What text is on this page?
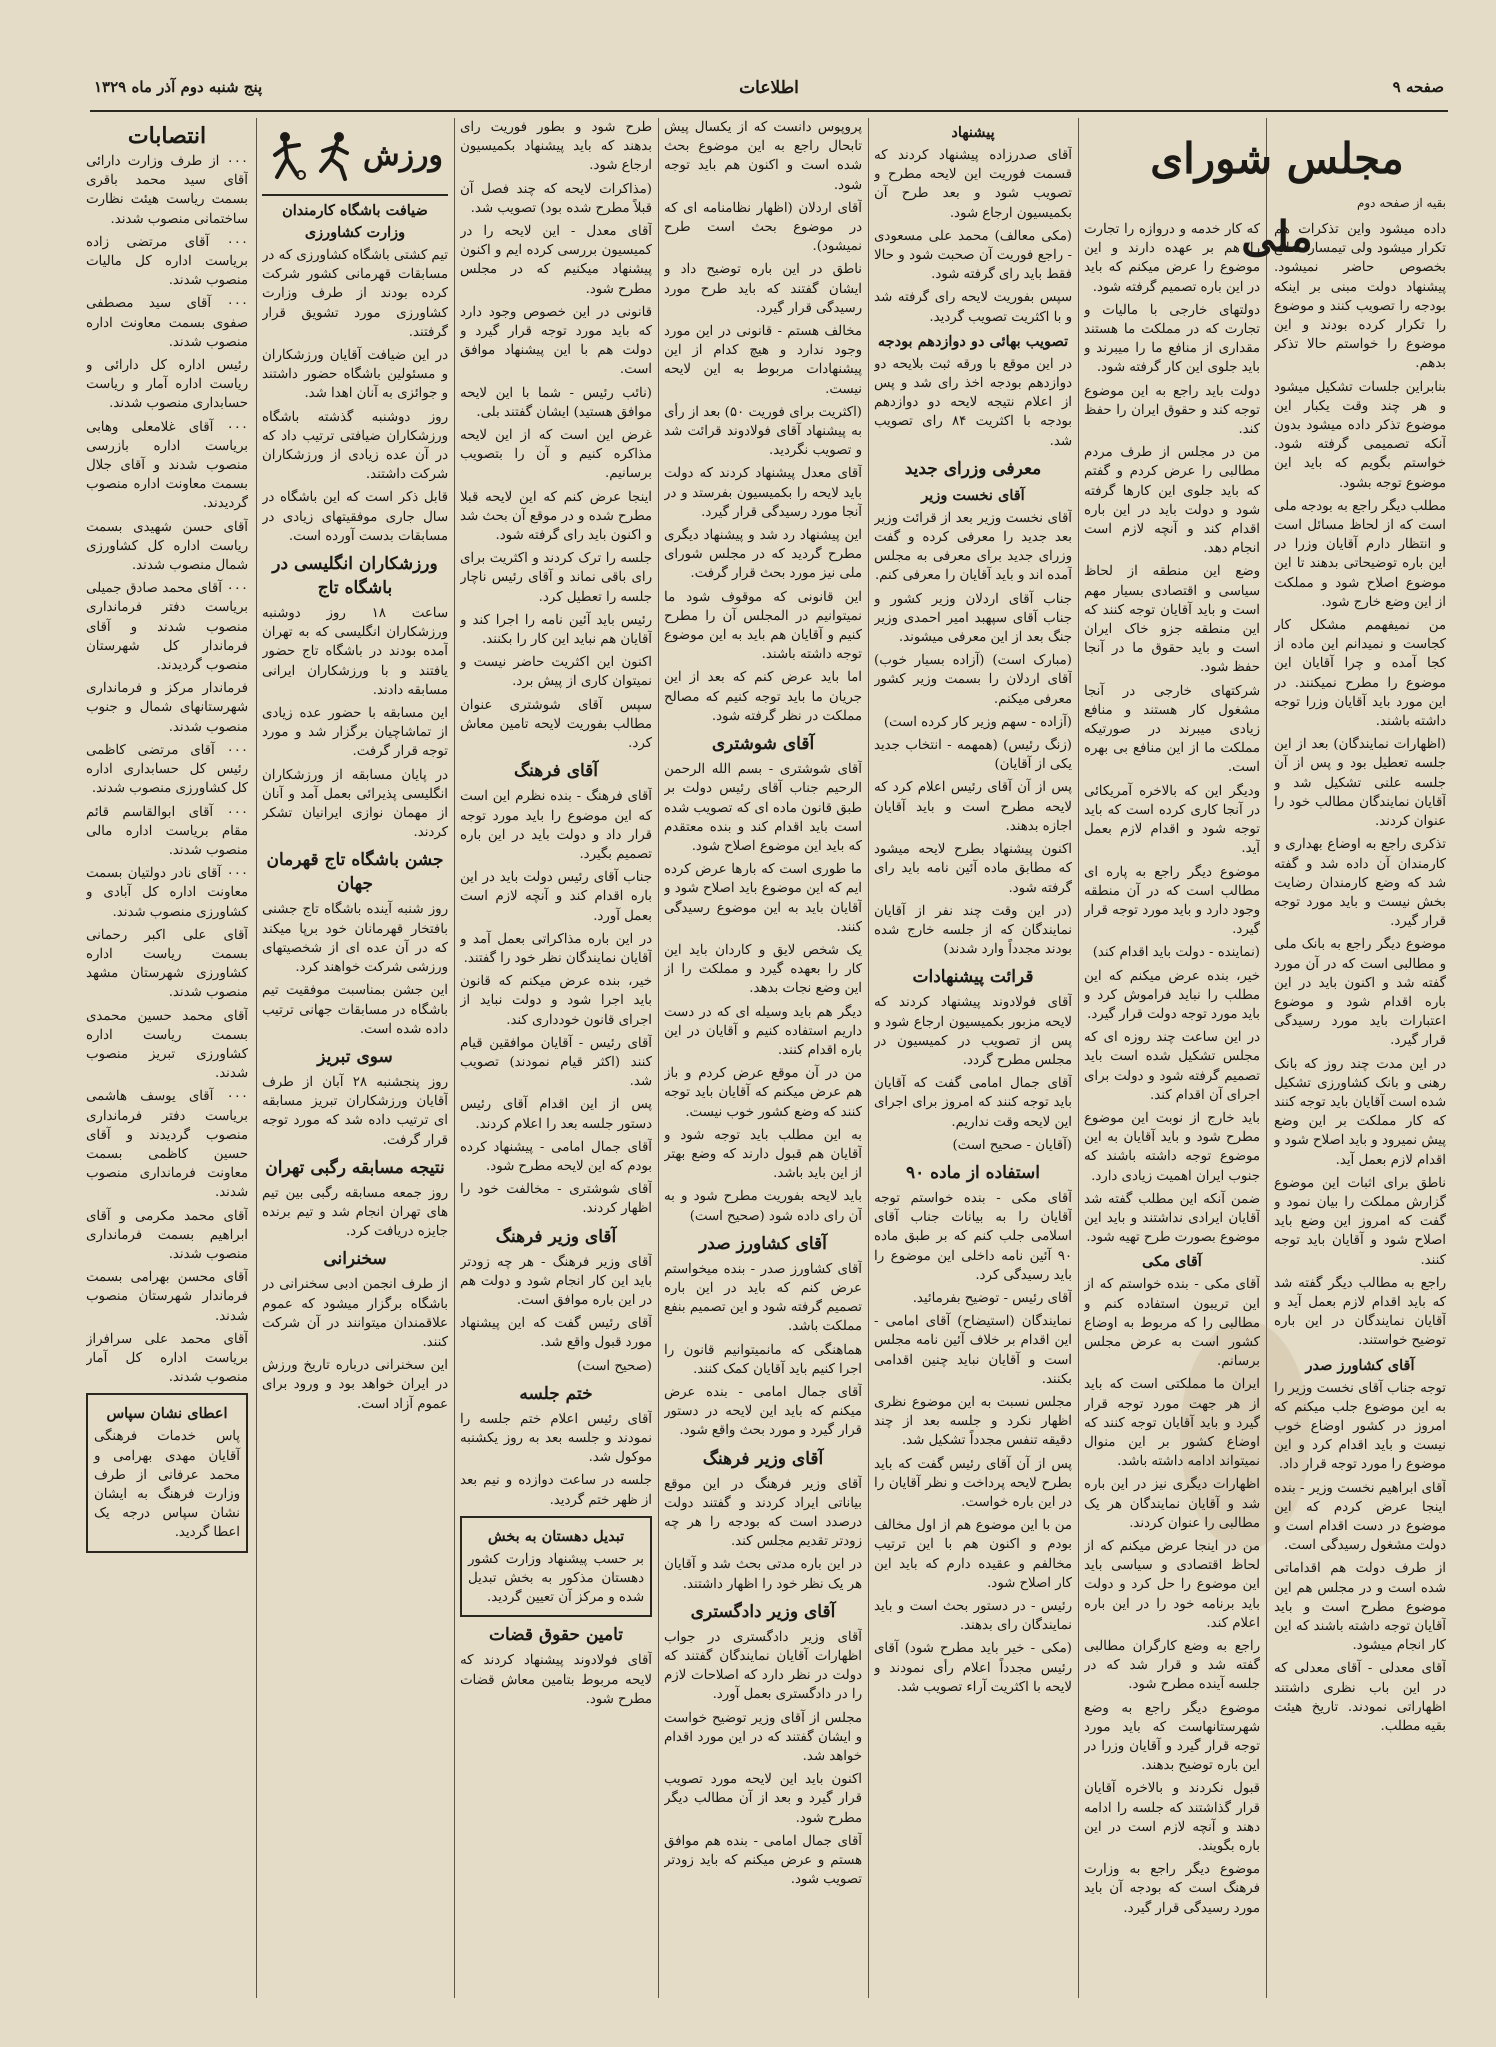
صفحه ۹
اطلاعات
پنج شنبه دوم آذر ماه ۱۳۲۹
مجلس شورای ملی
بقیه از صفحه دوم

داده میشود واین تذکرات هم تکرار میشود ولی تیمسار مطلع بخصوص حاضر نمیشود. پیشنهاد دولت مبنی بر اینکه بودجه را تصویب کنند و موضوع را تکرار کرده بودند و این موضوع را خواستم حالا تذکر بدهم.

بنابراین جلسات تشکیل میشود و هر چند وقت یکبار این موضوع تذکر داده میشود بدون آنکه تصمیمی گرفته شود. خواستم بگویم که باید این موضوع توجه بشود.

مطلب دیگر راجع به بودجه ملی است که از لحاظ مسائل است و انتظار دارم آقایان وزرا در این باره توضیحاتی بدهند تا این موضوع اصلاح شود و مملکت از این وضع خارج شود.

من نمیفهمم مشکل کار کجاست و نمیدانم این ماده از کجا آمده و چرا آقایان این موضوع را مطرح نمیکنند. در این مورد باید آقایان وزرا توجه داشته باشند.

(اظهارات نمایندگان) بعد از این جلسه تعطیل بود و پس از آن جلسه علنی تشکیل شد و آقایان نمایندگان مطالب خود را عنوان کردند.

تذکری راجع به اوضاع بهداری و کارمندان آن داده شد و گفته شد که وضع کارمندان رضایت بخش نیست و باید مورد توجه قرار گیرد.

موضوع دیگر راجع به بانک ملی و مطالبی است که در آن مورد گفته شد و اکنون باید در این باره اقدام شود و موضوع اعتبارات باید مورد رسیدگی قرار گیرد.

در این مدت چند روز که بانک رهنی و بانک کشاورزی تشکیل شده است آقایان باید توجه کنند که کار مملکت بر این وضع پیش نمیرود و باید اصلاح شود و اقدام لازم بعمل آید.

ناطق برای اثبات این موضوع گزارش مملکت را بیان نمود و گفت که امروز این وضع باید اصلاح شود و آقایان باید توجه کنند.

راجع به مطالب دیگر گفته شد که باید اقدام لازم بعمل آید و آقایان نمایندگان در این باره توضیح خواستند.

آقای کشاورز صدر

توجه جناب آقای نخست وزیر را به این موضوع جلب میکنم که امروز در کشور اوضاع خوب نیست و باید اقدام کرد و این موضوع را مورد توجه قرار داد.

آقای ابراهیم نخست وزیر - بنده اینجا عرض کردم که این موضوع در دست اقدام است و دولت مشغول رسیدگی است.

از طرف دولت هم اقداماتی شده است و در مجلس هم این موضوع مطرح است و باید آقایان توجه داشته باشند که این کار انجام میشود.

آقای معدلی - آقای معدلی که در این باب نظری داشتند اظهاراتی نمودند. تاریخ هیئت بقیه مطلب.

که کار خدمه و دروازه را تجارت را هم بر عهده دارند و این موضوع را عرض میکنم که باید در این باره تصمیم گرفته شود.

دولتهای خارجی با مالیات و تجارت که در مملکت ما هستند مقداری از منافع ما را میبرند و باید جلوی این کار گرفته شود.

دولت باید راجع به این موضوع توجه کند و حقوق ایران را حفظ کند.

من در مجلس از طرف مردم مطالبی را عرض کردم و گفتم که باید جلوی این کارها گرفته شود و دولت باید در این باره اقدام کند و آنچه لازم است انجام دهد.

وضع این منطقه از لحاظ سیاسی و اقتصادی بسیار مهم است و باید آقایان توجه کنند که این منطقه جزو خاک ایران است و باید حقوق ما در آنجا حفظ شود.

شرکتهای خارجی در آنجا مشغول کار هستند و منافع زیادی میبرند در صورتیکه مملکت ما از این منافع بی بهره است.

ودیگر این که بالاخره آمریکائی در آنجا کاری کرده است که باید توجه شود و اقدام لازم بعمل آید.

موضوع دیگر راجع به پاره ای مطالب است که در آن منطقه وجود دارد و باید مورد توجه قرار گیرد.

(نماینده - دولت باید اقدام کند)

خیر، بنده عرض میکنم که این مطلب را نباید فراموش کرد و باید مورد توجه دولت قرار گیرد.

در این ساعت چند روزه ای که مجلس تشکیل شده است باید تصمیم گرفته شود و دولت برای اجرای آن اقدام کند.

باید خارج از نوبت این موضوع مطرح شود و باید آقایان به این موضوع توجه داشته باشند که جنوب ایران اهمیت زیادی دارد.

ضمن آنکه این مطلب گفته شد آقایان ایرادی نداشتند و باید این موضوع بصورت طرح تهیه شود.

آقای مکی

آقای مکی - بنده خواستم که از این تریبون استفاده کنم و مطالبی را که مربوط به اوضاع کشور است به عرض مجلس برسانم.

ایران ما مملکتی است که باید از هر جهت مورد توجه قرار گیرد و باید آقایان توجه کنند که اوضاع کشور بر این منوال نمیتواند ادامه داشته باشد.

اظهارات دیگری نیز در این باره شد و آقایان نمایندگان هر یک مطالبی را عنوان کردند.

من در اینجا عرض میکنم که از لحاظ اقتصادی و سیاسی باید این موضوع را حل کرد و دولت باید برنامه خود را در این باره اعلام کند.

راجع به وضع کارگران مطالبی گفته شد و قرار شد که در جلسه آینده مطرح شود.

موضوع دیگر راجع به وضع شهرستانهاست که باید مورد توجه قرار گیرد و آقایان وزرا در این باره توضیح بدهند.

قبول نکردند و بالاخره آقایان قرار گذاشتند که جلسه را ادامه دهند و آنچه لازم است در این باره بگویند.

موضوع دیگر راجع به وزارت فرهنگ است که بودجه آن باید مورد رسیدگی قرار گیرد.

پیشنهاد

آقای صدرزاده پیشنهاد کردند که قسمت فوریت این لایحه مطرح و تصویب شود و بعد طرح آن بکمیسیون ارجاع شود.

(مکی معالف) محمد علی مسعودی - راجع فوریت آن صحبت شود و حالا فقط باید رای گرفته شود.

سپس بفوریت لایحه رای گرفته شد و با اکثریت تصویب گردید.

تصویب بهائی دو دوازدهم بودجه

در این موقع با ورقه ثبت بلایحه دو دوازدهم بودجه اخذ رای شد و پس از اعلام نتیجه لایحه دو دوازدهم بودجه با اکثریت ۸۴ رای تصویب شد.

معرفی وزرای جدید
آقای نخست وزیر

آقای نخست وزیر بعد از قرائت وزیر بعد جدید را معرفی کرده و گفت وزرای جدید برای معرفی به مجلس آمده اند و باید آقایان را معرفی کنم.

جناب آقای اردلان وزیر کشور و جناب آقای سپهبد امیر احمدی وزیر جنگ بعد از این معرفی میشوند.

(مبارک است) (آزاده بسیار خوب) آقای اردلان را بسمت وزیر کشور معرفی میکنم.

(آزاده - سهم وزیر کار کرده است)

(زنگ رئیس) (همهمه - انتخاب جدید یکی از آقایان)

پس از آن آقای رئیس اعلام کرد که لایحه مطرح است و باید آقایان اجازه بدهند.

اکنون پیشنهاد بطرح لایحه میشود که مطابق ماده آئین نامه باید رای گرفته شود.

(در این وقت چند نفر از آقایان نمایندگان که از جلسه خارج شده بودند مجدداً وارد شدند)

قرائت پیشنهادات

آقای فولادوند پیشنهاد کردند که لایحه مزبور بکمیسیون ارجاع شود و پس از تصویب در کمیسیون در مجلس مطرح گردد.

آقای جمال امامی گفت که آقایان باید توجه کنند که امروز برای اجرای این لایحه وقت نداریم.

(آقایان - صحیح است)

استفاده از ماده ۹۰

آقای مکی - بنده خواستم توجه آقایان را به بیانات جناب آقای اسلامی جلب کنم که بر طبق ماده ۹۰ آئین نامه داخلی این موضوع را باید رسیدگی کرد.

آقای رئیس - توضیح بفرمائید.

نمایندگان (استیضاح) آقای امامی - این اقدام بر خلاف آئین نامه مجلس است و آقایان نباید چنین اقدامی بکنند.

مجلس نسبت به این موضوع نظری اظهار نکرد و جلسه بعد از چند دقیقه تنفس مجدداً تشکیل شد.

پس از آن آقای رئیس گفت که باید بطرح لایحه پرداخت و نظر آقایان را در این باره خواست.

من با این موضوع هم از اول مخالف بودم و اکنون هم با این ترتیب مخالفم و عقیده دارم که باید این کار اصلاح شود.

رئیس - در دستور بحث است و باید نمایندگان رای بدهند.

(مکی - خیر باید مطرح شود) آقای رئیس مجدداً اعلام رأی نمودند و لایحه با اکثریت آراء تصویب شد.

پروپوس دانست که از یکسال پیش تابحال راجع به این موضوع بحث شده است و اکنون هم باید توجه شود.

آقای اردلان (اظهار نظامنامه ای که در موضوع بحث است طرح نمیشود).

ناطق در این باره توضیح داد و ایشان گفتند که باید طرح مورد رسیدگی قرار گیرد.

مخالف هستم - قانونی در این مورد وجود ندارد و هیچ کدام از این پیشنهادات مربوط به این لایحه نیست.

(اکثریت برای فوریت ۵۰) بعد از رأی به پیشنهاد آقای فولادوند قرائت شد و تصویب نگردید.

آقای معدل پیشنهاد کردند که دولت باید لایحه را بکمیسیون بفرستد و در آنجا مورد رسیدگی قرار گیرد.

این پیشنهاد رد شد و پیشنهاد دیگری مطرح گردید که در مجلس شورای ملی نیز مورد بحث قرار گرفت.

این قانونی که موقوف شود ما نمیتوانیم در المجلس آن را مطرح کنیم و آقایان هم باید به این موضوع توجه داشته باشند.

اما باید عرض کنم که بعد از این جریان ما باید توجه کنیم که مصالح مملکت در نظر گرفته شود.

آقای شوشتری

آقای شوشتری - بسم الله الرحمن الرحیم جناب آقای رئیس دولت بر طبق قانون ماده ای که تصویب شده است باید اقدام کند و بنده معتقدم که باید این موضوع اصلاح شود.

ما طوری است که بارها عرض کرده ایم که این موضوع باید اصلاح شود و آقایان باید به این موضوع رسیدگی کنند.

یک شخص لایق و کاردان باید این کار را بعهده گیرد و مملکت را از این وضع نجات بدهد.

دیگر هم باید وسیله ای که در دست داریم استفاده کنیم و آقایان در این باره اقدام کنند.

من در آن موقع عرض کردم و باز هم عرض میکنم که آقایان باید توجه کنند که وضع کشور خوب نیست.

به این مطلب باید توجه شود و آقایان هم قبول دارند که وضع بهتر از این باید باشد.

باید لایحه بفوریت مطرح شود و به آن رای داده شود (صحیح است)

آقای کشاورز صدر

آقای کشاورز صدر - بنده میخواستم عرض کنم که باید در این باره تصمیم گرفته شود و این تصمیم بنفع مملکت باشد.

هماهنگی که مانمیتوانیم قانون را اجرا کنیم باید آقایان کمک کنند.

آقای جمال امامی - بنده عرض میکنم که باید این لایحه در دستور قرار گیرد و مورد بحث واقع شود.

آقای وزیر فرهنگ

آقای وزیر فرهنگ در این موقع بیاناتی ایراد کردند و گفتند دولت درصدد است که بودجه را هر چه زودتر تقدیم مجلس کند.

در این باره مدتی بحث شد و آقایان هر یک نظر خود را اظهار داشتند.

آقای وزیر دادگستری

آقای وزیر دادگستری در جواب اظهارات آقایان نمایندگان گفتند که دولت در نظر دارد که اصلاحات لازم را در دادگستری بعمل آورد.

مجلس از آقای وزیر توضیح خواست و ایشان گفتند که در این مورد اقدام خواهد شد.

اکنون باید این لایحه مورد تصویب قرار گیرد و بعد از آن مطالب دیگر مطرح شود.

آقای جمال امامی - بنده هم موافق هستم و عرض میکنم که باید زودتر تصویب شود.

طرح شود و بطور فوریت رای بدهند که باید پیشنهاد بکمیسیون ارجاع شود.

(مذاکرات لایحه که چند فصل آن قبلاً مطرح شده بود) تصویب شد.

آقای معدل - این لایحه را در کمیسیون بررسی کرده ایم و اکنون پیشنهاد میکنیم که در مجلس مطرح شود.

قانونی در این خصوص وجود دارد که باید مورد توجه قرار گیرد و دولت هم با این پیشنهاد موافق است.

(نائب رئیس - شما با این لایحه موافق هستید) ایشان گفتند بلی.

غرض این است که از این لایحه مذاکره کنیم و آن را بتصویب برسانیم.

اینجا عرض کنم که این لایحه قبلا مطرح شده و در موقع آن بحث شد و اکنون باید رای گرفته شود.

جلسه را ترک کردند و اکثریت برای رای باقی نماند و آقای رئیس ناچار جلسه را تعطیل کرد.

رئیس باید آئین نامه را اجرا کند و آقایان هم نباید این کار را بکنند.

اکنون این اکثریت حاضر نیست و نمیتوان کاری از پیش برد.

سپس آقای شوشتری عنوان مطالب بفوریت لایحه تامین معاش کرد.

آقای فرهنگ

آقای فرهنگ - بنده نظرم این است که این موضوع را باید مورد توجه قرار داد و دولت باید در این باره تصمیم بگیرد.

جناب آقای رئیس دولت باید در این باره اقدام کند و آنچه لازم است بعمل آورد.

در این باره مذاکراتی بعمل آمد و آقایان نمایندگان نظر خود را گفتند.

خیر، بنده عرض میکنم که قانون باید اجرا شود و دولت نباید از اجرای قانون خودداری کند.

آقای رئیس - آقایان موافقین قیام کنند (اکثر قیام نمودند) تصویب شد.

پس از این اقدام آقای رئیس دستور جلسه بعد را اعلام کردند.

آقای جمال امامی - پیشنهاد کرده بودم که این لایحه مطرح شود.

آقای شوشتری - مخالفت خود را اظهار کردند.

آقای وزیر فرهنگ

آقای وزیر فرهنگ - هر چه زودتر باید این کار انجام شود و دولت هم در این باره موافق است.

آقای رئیس گفت که این پیشنهاد مورد قبول واقع شد.

(صحیح است)

ختم جلسه

آقای رئیس اعلام ختم جلسه را نمودند و جلسه بعد به روز یکشنبه موکول شد.

جلسه در ساعت دوازده و نیم بعد از ظهر ختم گردید.

تبدیل دهستان به بخش

بر حسب پیشنهاد وزارت کشور دهستان مذکور به بخش تبدیل شده و مرکز آن تعیین گردید.

تامین حقوق قضات

آقای فولادوند پیشنهاد کردند که لایحه مربوط بتامین معاش قضات مطرح شود.

ورزش
ضیافت باشگاه کارمندان وزارت کشاورزی

تیم کشتی باشگاه کشاورزی که در مسابقات قهرمانی کشور شرکت کرده بودند از طرف وزارت کشاورزی مورد تشویق قرار گرفتند.

در این ضیافت آقایان ورزشکاران و مسئولین باشگاه حضور داشتند و جوائزی به آنان اهدا شد.

روز دوشنبه گذشته باشگاه ورزشکاران ضیافتی ترتیب داد که در آن عده زیادی از ورزشکاران شرکت داشتند.

قابل ذکر است که این باشگاه در سال جاری موفقیتهای زیادی در مسابقات بدست آورده است.

ورزشکاران انگلیسی در باشگاه تاج

ساعت ۱۸ روز دوشنبه ورزشکاران انگلیسی که به تهران آمده بودند در باشگاه تاج حضور یافتند و با ورزشکاران ایرانی مسابقه دادند.

این مسابقه با حضور عده زیادی از تماشاچیان برگزار شد و مورد توجه قرار گرفت.

در پایان مسابقه از ورزشکاران انگلیسی پذیرائی بعمل آمد و آنان از مهمان نوازی ایرانیان تشکر کردند.

جشن باشگاه تاج قهرمان جهان

روز شنبه آینده باشگاه تاج جشنی بافتخار قهرمانان خود برپا میکند که در آن عده ای از شخصیتهای ورزشی شرکت خواهند کرد.

این جشن بمناسبت موفقیت تیم باشگاه در مسابقات جهانی ترتیب داده شده است.

سوی تبریز

روز پنجشنبه ۲۸ آبان از طرف آقایان ورزشکاران تبریز مسابقه ای ترتیب داده شد که مورد توجه قرار گرفت.

نتیجه مسابقه رگبی تهران

روز جمعه مسابقه رگبی بین تیم های تهران انجام شد و تیم برنده جایزه دریافت کرد.

سخنرانی

از طرف انجمن ادبی سخنرانی در باشگاه برگزار میشود که عموم علاقمندان میتوانند در آن شرکت کنند.

این سخنرانی درباره تاریخ ورزش در ایران خواهد بود و ورود برای عموم آزاد است.

انتصابات

۰۰۰ از طرف وزارت دارائی آقای سید محمد باقری بسمت ریاست هیئت نظارت ساختمانی منصوب شدند.

۰۰۰ آقای مرتضی زاده بریاست اداره کل مالیات منصوب شدند.

۰۰۰ آقای سید مصطفی صفوی بسمت معاونت اداره منصوب شدند.

رئیس اداره کل دارائی و ریاست اداره آمار و ریاست حسابداری منصوب شدند.

۰۰۰ آقای غلامعلی وهابی بریاست اداره بازرسی منصوب شدند و آقای جلال بسمت معاونت اداره منصوب گردیدند.

آقای حسن شهیدی بسمت ریاست اداره کل کشاورزی شمال منصوب شدند.

۰۰۰ آقای محمد صادق جمیلی بریاست دفتر فرمانداری منصوب شدند و آقای فرماندار کل شهرستان منصوب گردیدند.

فرماندار مرکز و فرمانداری شهرستانهای شمال و جنوب منصوب شدند.

۰۰۰ آقای مرتضی کاظمی رئیس کل حسابداری اداره کل کشاورزی منصوب شدند.

۰۰۰ آقای ابوالقاسم قائم مقام بریاست اداره مالی منصوب شدند.

۰۰۰ آقای نادر دولتیان بسمت معاونت اداره کل آبادی و کشاورزی منصوب شدند.

آقای علی اکبر رحمانی بسمت ریاست اداره کشاورزی شهرستان مشهد منصوب شدند.

آقای محمد حسین محمدی بسمت ریاست اداره کشاورزی تبریز منصوب شدند.

۰۰۰ آقای یوسف هاشمی بریاست دفتر فرمانداری منصوب گردیدند و آقای حسین کاظمی بسمت معاونت فرمانداری منصوب شدند.

آقای محمد مکرمی و آقای ابراهیم بسمت فرمانداری منصوب شدند.

آقای محسن بهرامی بسمت فرماندار شهرستان منصوب شدند.

آقای محمد علی سرافراز بریاست اداره کل آمار منصوب شدند.

اعطای نشان سپاس

پاس خدمات فرهنگی آقایان مهدی بهرامی و محمد عرفانی از طرف وزارت فرهنگ به ایشان نشان سپاس درجه یک اعطا گردید.
